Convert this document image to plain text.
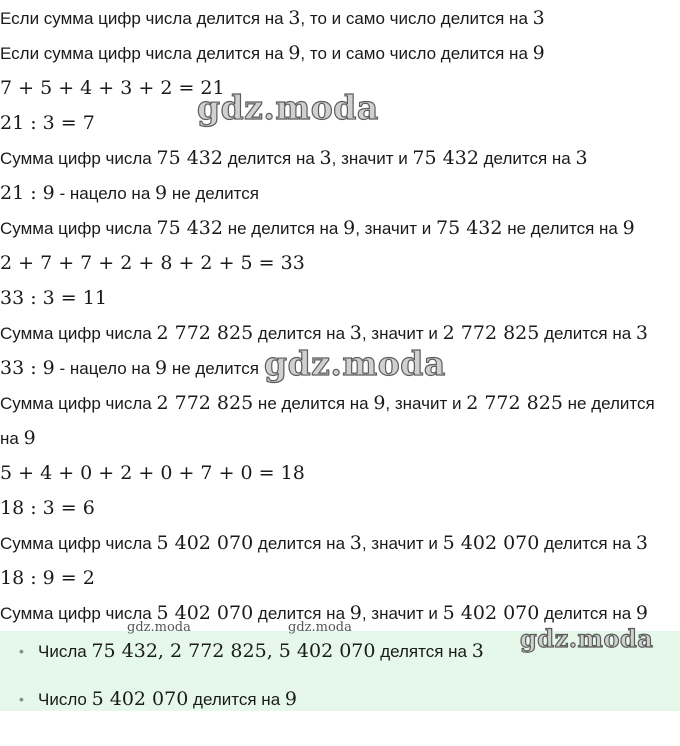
Если сумма цифр числа делится на 3, то и само число делится на 3
Если сумма цифр числа делится на 9, то и само число делится на 9
7 + 5 + 4 + 3 + 2 = 21
21 : 3 = 7
Сумма цифр числа 75 432 делится на 3, значит и 75 432 делится на 3
21 : 9 - нацело на 9 не делится
Сумма цифр числа 75 432 не делится на 9, значит и 75 432 не делится на 9
2 + 7 + 7 + 2 + 8 + 2 + 5 = 33
33 : 3 = 11
Сумма цифр числа 2 772 825 делится на 3, значит и 2 772 825 делится на 3
33 : 9 - нацело на 9 не делится
Сумма цифр числа 2 772 825 не делится на 9, значит и 2 772 825 не делится
на 9
5 + 4 + 0 + 2 + 0 + 7 + 0 = 18
18 : 3 = 6
Сумма цифр числа 5 402 070 делится на 3, значит и 5 402 070 делится на 3
18 : 9 = 2
Сумма цифр числа 5 402 070 делится на 9, значит и 5 402 070 делится на 9
• Числа 75 432, 2 772 825, 5 402 070 делятся на 3
• Число 5 402 070 делится на 9
gdz.moda
gdz.moda
gdz.moda
gdz.moda	gdz.moda
